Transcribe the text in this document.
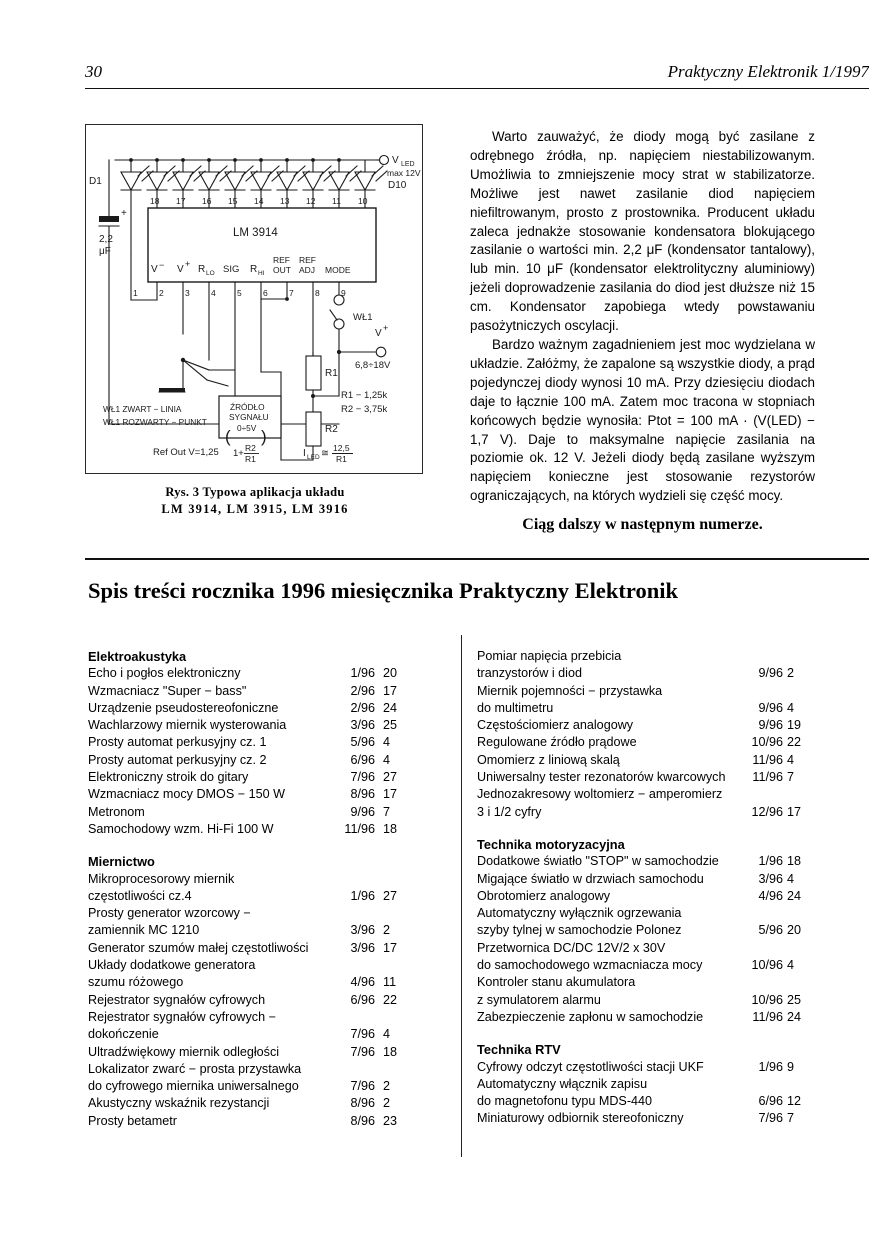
30	Praktyczny Elektronik 1/1997
D1	D10
V LED
max 12V
18 17 16 15 14 13 12 11 10
LM 3914
V − V + R LO SIG R HI
REF
OUT
REF
ADJ MODE
1	2	3	4	5	6	7	8	9
+
2,2
μF
WŁ1
V +
6,8÷18V
R1
R2
R1 − 1,25k
R2 − 3,75k
WŁ1 ZWART − LINIA
WŁ1 ROZWARTY − PUNKT
ŹRÓDŁO
SYGNAŁU
0÷5V
Ref Out V=1,25
(
1+ R2
R1
)
I LED ≅ 12,5
R1
Rys. 3 Typowa aplikacja układu
LM 3914, LM 3915, LM 3916

Warto zauważyć, że diody mogą być zasilane z odrębnego źródła, np. napięciem niestabilizowanym. Umożliwia to zmniejszenie mocy strat w stabilizatorze. Możliwe jest nawet zasilanie diod napięciem niefiltrowanym, prosto z prostownika. Producent układu zaleca jednakże stosowanie kondensatora blokującego zasilanie o wartości min. 2,2 μF (kondensator tantalowy), lub min. 10 μF (kondensator elektrolityczny aluminiowy) jeżeli doprowadzenie zasilania do diod jest dłuższe niż 15 cm. Kondensator zapobiega wtedy powstawaniu pasożytniczych oscylacji.

Bardzo ważnym zagadnieniem jest moc wydzielana w układzie. Załóżmy, że zapalone są wszystkie diody, a prąd pojedynczej diody wynosi 10 mA. Przy dziesięciu diodach daje to łącznie 100 mA. Zatem moc tracona w stopniach końcowych będzie wynosiła: Ptot = 100 mA · (V(LED) − 1,7 V). Daje to maksymalne napięcie zasilania na poziomie ok. 12 V. Jeżeli diody będą zasilane wyższym napięciem konieczne jest stosowanie rezystorów ograniczających, na których wydzieli się część mocy.

Ciąg dalszy w następnym numerze.
Spis treści rocznika 1996 miesięcznika Praktyczny Elektronik
Elektroakustyka
Echo i pogłos elektroniczny	1/96 20
Wzmacniacz "Super − bass"	2/96 17
Urządzenie pseudostereofoniczne	2/96 24
Wachlarzowy miernik wysterowania	3/96 25
Prosty automat perkusyjny cz. 1	5/96 4
Prosty automat perkusyjny cz. 2	6/96 4
Elektroniczny stroik do gitary	7/96 27
Wzmacniacz mocy DMOS − 150 W	8/96 17
Metronom	9/96 7
Samochodowy wzm. Hi-Fi 100 W	11/96 18
Miernictwo
Mikroprocesorowy miernik
częstotliwości cz.4	1/96 27
Prosty generator wzorcowy −
zamiennik MC 1210	3/96 2
Generator szumów małej częstotliwości	3/96 17
Układy dodatkowe generatora
szumu różowego	4/96 11
Rejestrator sygnałów cyfrowych	6/96 22
Rejestrator sygnałów cyfrowych −
dokończenie	7/96 4
Ultradźwiękowy miernik odległości	7/96 18
Lokalizator zwarć − prosta przystawka
do cyfrowego miernika uniwersalnego	7/96 2
Akustyczny wskaźnik rezystancji	8/96 2
Prosty betametr	8/96 23
Pomiar napięcia przebicia
tranzystorów i diod	9/96 2
Miernik pojemności − przystawka
do multimetru	9/96 4
Częstościomierz analogowy	9/96 19
Regulowane źródło prądowe	10/96 22
Omomierz z liniową skalą	11/96 4
Uniwersalny tester rezonatorów kwarcowych	11/96 7
Jednozakresowy woltomierz − amperomierz
3 i 1/2 cyfry	12/96 17
Technika motoryzacyjna
Dodatkowe światło "STOP" w samochodzie	1/96 18
Migające światło w drzwiach samochodu	3/96 4
Obrotomierz analogowy	4/96 24
Automatyczny wyłącznik ogrzewania
szyby tylnej w samochodzie Polonez	5/96 20
Przetwornica DC/DC 12V/2 x 30V
do samochodowego wzmacniacza mocy	10/96 4
Kontroler stanu akumulatora
z symulatorem alarmu	10/96 25
Zabezpieczenie zapłonu w samochodzie	11/96 24
Technika RTV
Cyfrowy odczyt częstotliwości stacji UKF	1/96 9
Automatyczny włącznik zapisu
do magnetofonu typu MDS-440	6/96 12
Miniaturowy odbiornik stereofoniczny	7/96 7
